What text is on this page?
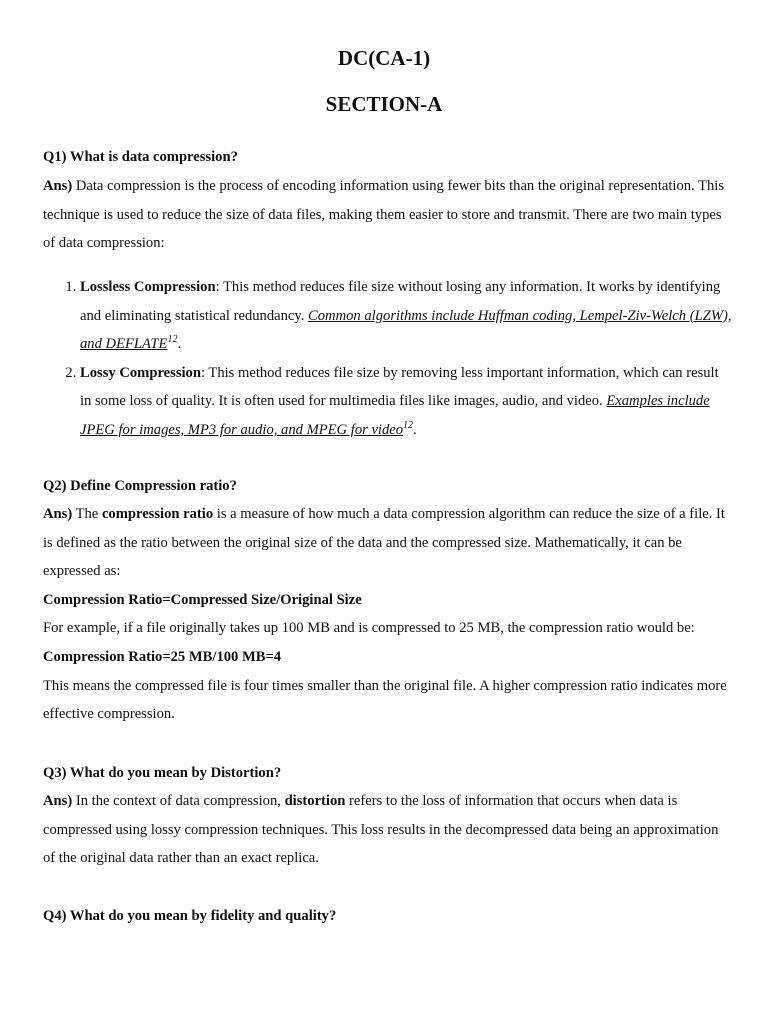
DC(CA-1)
SECTION-A
Q1) What is data compression?

Ans) Data compression is the process of encoding information using fewer bits than the original representation. This technique is used to reduce the size of data files, making them easier to store and transmit. There are two main types of data compression:

1. Lossless Compression: This method reduces file size without losing any information. It works by identifying and eliminating statistical redundancy. Common algorithms include Huffman coding, Lempel-Ziv-Welch (LZW), and DEFLATE$^{12}$.
2. Lossy Compression: This method reduces file size by removing less important information, which can result in some loss of quality. It is often used for multimedia files like images, audio, and video. Examples include JPEG for images, MP3 for audio, and MPEG for video$^{12}$.
Q2) Define Compression ratio?

Ans) The compression ratio is a measure of how much a data compression algorithm can reduce the size of a file. It is defined as the ratio between the original size of the data and the compressed size. Mathematically, it can be expressed as:

Compression Ratio=Compressed Size/Original Size

For example, if a file originally takes up 100 MB and is compressed to 25 MB, the compression ratio would be:

Compression Ratio=25 MB/100 MB=4

This means the compressed file is four times smaller than the original file. A higher compression ratio indicates more effective compression.

Q3) What do you mean by Distortion?

Ans) In the context of data compression, distortion refers to the loss of information that occurs when data is compressed using lossy compression techniques. This loss results in the decompressed data being an approximation of the original data rather than an exact replica.

Q4) What do you mean by fidelity and quality?
